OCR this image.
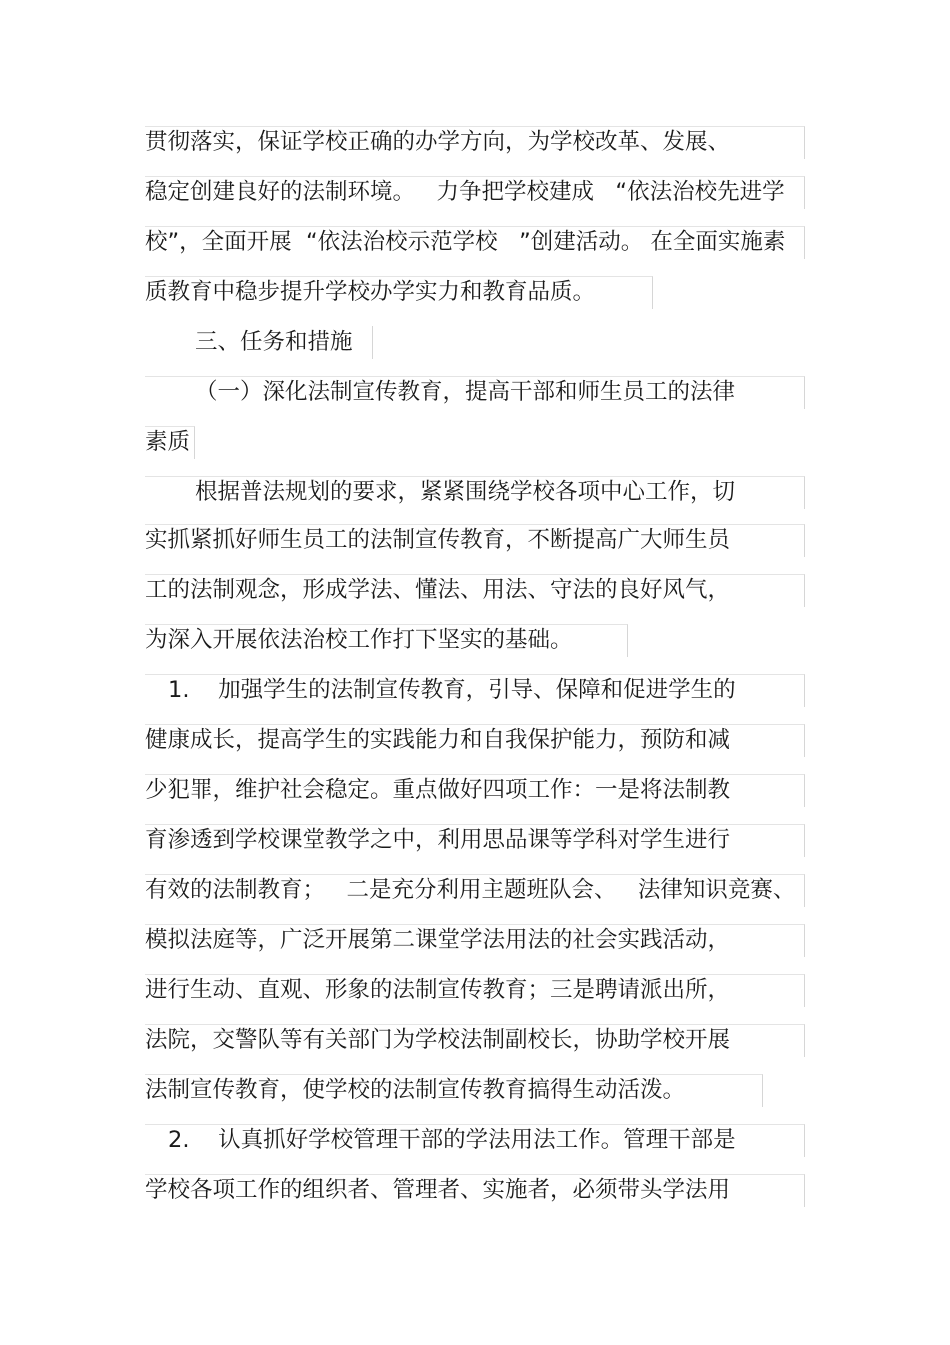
贯彻落实，保证学校正确的办学方向，为学校改革、发展、
稳定创建良好的法制环境。   力争把学校建成   “依法治校先进学
校”，全面开展  “依法治校示范学校   ”创建活动。 在全面实施素
质教育中稳步提升学校办学实力和教育品质。
三、任务和措施
（一）深化法制宣传教育，提高干部和师生员工的法律
素质
根据普法规划的要求，紧紧围绕学校各项中心工作，切
实抓紧抓好师生员工的法制宣传教育，不断提高广大师生员
工的法制观念，形成学法、懂法、用法、守法的良好风气，
为深入开展依法治校工作打下坚实的基础。
1.    加强学生的法制宣传教育，引导、保障和促进学生的
健康成长，提高学生的实践能力和自我保护能力，预防和减
少犯罪，维护社会稳定。重点做好四项工作：一是将法制教
育渗透到学校课堂教学之中，利用思品课等学科对学生进行
有效的法制教育；   二是充分利用主题班队会、   法律知识竞赛、
模拟法庭等，广泛开展第二课堂学法用法的社会实践活动，
进行生动、直观、形象的法制宣传教育；三是聘请派出所，
法院，交警队等有关部门为学校法制副校长，协助学校开展
法制宣传教育，使学校的法制宣传教育搞得生动活泼。
2.    认真抓好学校管理干部的学法用法工作。管理干部是
学校各项工作的组织者、管理者、实施者，必须带头学法用
